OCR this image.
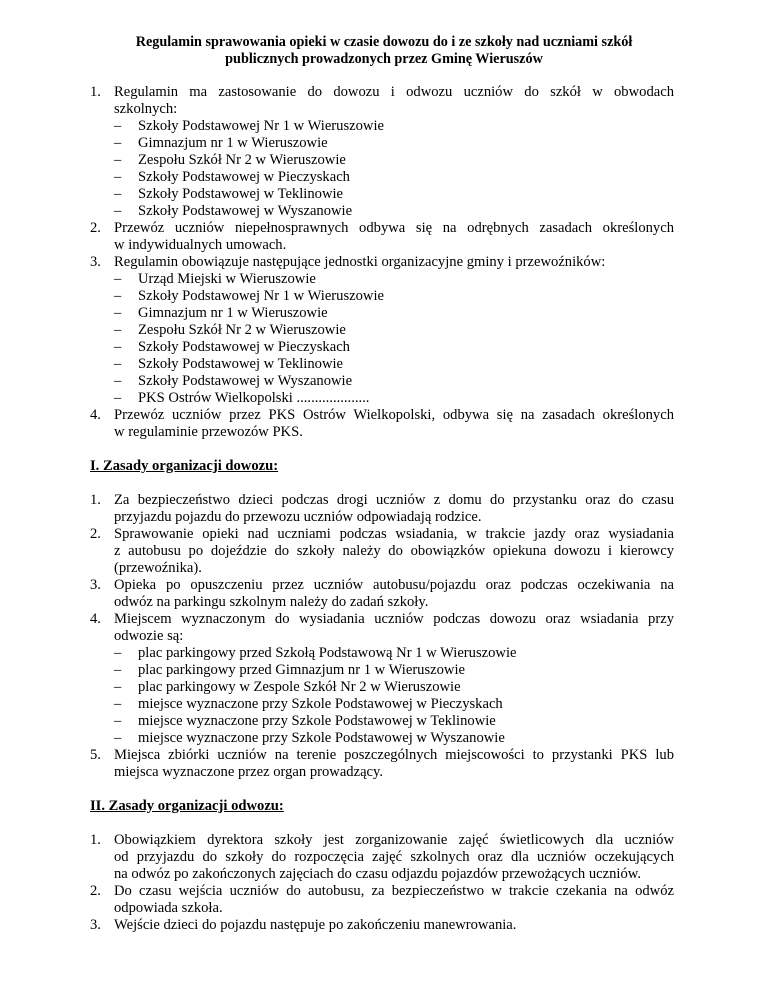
Regulamin sprawowania opieki w czasie dowozu do i ze szkoły nad uczniami szkół
publicznych prowadzonych przez Gminę Wieruszów
1. Regulamin ma zastosowanie do dowozu i odwozu uczniów do szkół w obwodach
szkolnych:
– Szkoły Podstawowej Nr 1 w Wieruszowie
– Gimnazjum nr 1 w Wieruszowie
– Zespołu Szkół Nr 2 w Wieruszowie
– Szkoły Podstawowej w Pieczyskach
– Szkoły Podstawowej w Teklinowie
– Szkoły Podstawowej w Wyszanowie
2. Przewóz uczniów niepełnosprawnych odbywa się na odrębnych zasadach określonych
w indywidualnych umowach.
3. Regulamin obowiązuje następujące jednostki organizacyjne gminy i przewoźników:
– Urząd Miejski w Wieruszowie
– Szkoły Podstawowej Nr 1 w Wieruszowie
– Gimnazjum nr 1 w Wieruszowie
– Zespołu Szkół Nr 2 w Wieruszowie
– Szkoły Podstawowej w Pieczyskach
– Szkoły Podstawowej w Teklinowie
– Szkoły Podstawowej w Wyszanowie
– PKS Ostrów Wielkopolski ....................
4. Przewóz uczniów przez PKS Ostrów Wielkopolski, odbywa się na zasadach określonych
w regulaminie przewozów PKS.
I. Zasady organizacji dowozu:
1. Za bezpieczeństwo dzieci podczas drogi uczniów z domu do przystanku oraz do czasu
przyjazdu pojazdu do przewozu uczniów odpowiadają rodzice.
2. Sprawowanie opieki nad uczniami podczas wsiadania, w trakcie jazdy oraz wysiadania
z autobusu po dojeździe do szkoły należy do obowiązków opiekuna dowozu i kierowcy
(przewoźnika).
3. Opieka po opuszczeniu przez uczniów autobusu/pojazdu oraz podczas oczekiwania na
odwóz na parkingu szkolnym należy do zadań szkoły.
4. Miejscem wyznaczonym do wysiadania uczniów podczas dowozu oraz wsiadania przy
odwozie są:
– plac parkingowy przed Szkołą Podstawową Nr 1 w Wieruszowie
– plac parkingowy przed Gimnazjum nr 1 w Wieruszowie
– plac parkingowy w Zespole Szkół Nr 2 w Wieruszowie
– miejsce wyznaczone przy Szkole Podstawowej w Pieczyskach
– miejsce wyznaczone przy Szkole Podstawowej w Teklinowie
– miejsce wyznaczone przy Szkole Podstawowej w Wyszanowie
5. Miejsca zbiórki uczniów na terenie poszczególnych miejscowości to przystanki PKS lub
miejsca wyznaczone przez organ prowadzący.
II. Zasady organizacji odwozu:
1. Obowiązkiem dyrektora szkoły jest zorganizowanie zajęć świetlicowych dla uczniów
od przyjazdu do szkoły do rozpoczęcia zajęć szkolnych oraz dla uczniów oczekujących
na odwóz po zakończonych zajęciach do czasu odjazdu pojazdów przewożących uczniów.
2. Do czasu wejścia uczniów do autobusu, za bezpieczeństwo w trakcie czekania na odwóz
odpowiada szkoła.
3. Wejście dzieci do pojazdu następuje po zakończeniu manewrowania.
